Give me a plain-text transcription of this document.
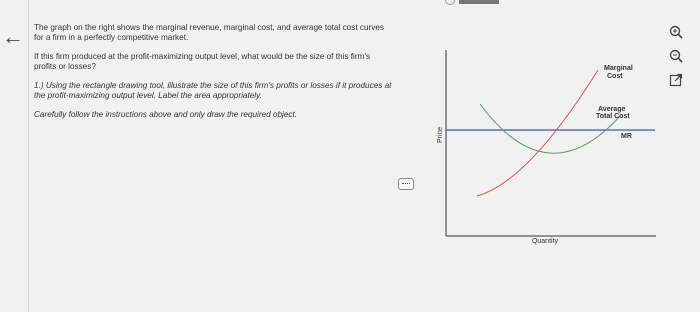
← The graph on the right shows the marginal revenue, marginal cost, and average total cost curves for a firm in a perfectly competitive market.

If this firm produced at the profit-maximizing output level, what would be the size of this firm's profits or losses?

1.) Using the rectangle drawing tool, illustrate the size of this firm's profits or losses if it produces at the profit-maximizing output level. Label the area appropriately.

Carefully follow the instructions above and only draw the required object.

Price
Quantity
MR
Average
Total Cost
Marginal
Cost
